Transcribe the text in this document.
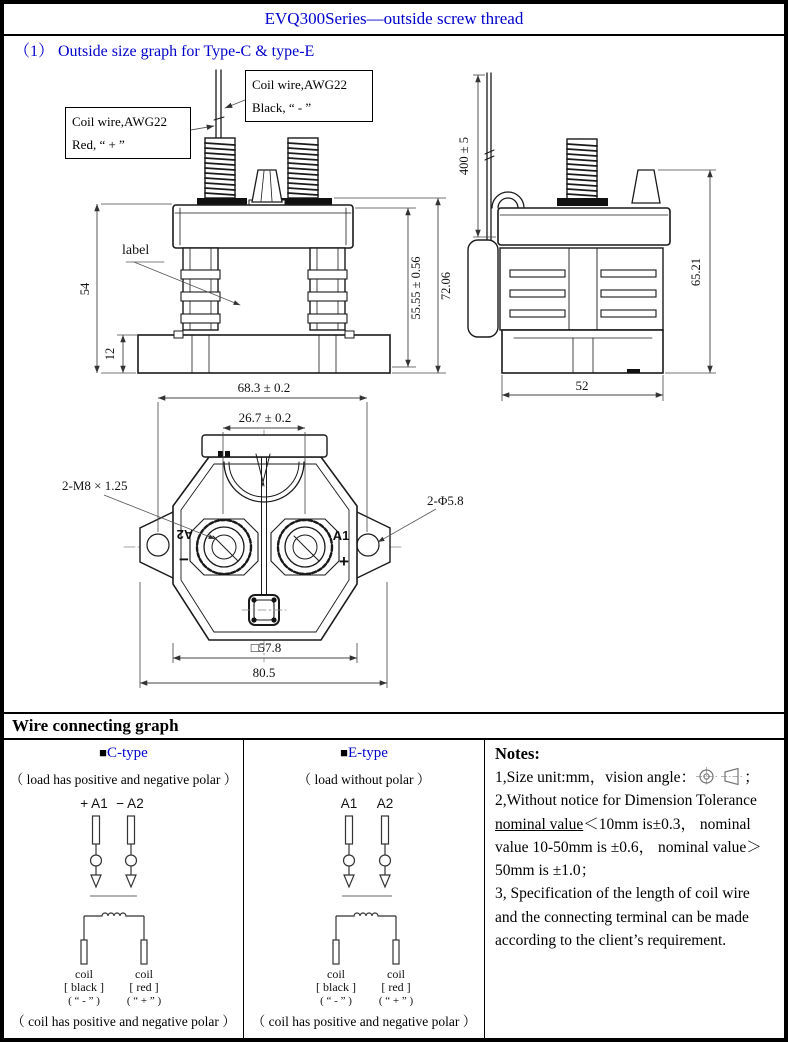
EVQ300Series—outside screw thread
（1） Outside size graph for Type-C & type-E
label
54
12
55.55 ± 0.56 72.06
400 ± 5
65.21
52
A2	A1
−	+
68.3 ± 0.2
26.7 ± 0.2
2-M8 × 1.25
2-Φ5.8
□57.8
80.5
Coil wire,AWG22
Red, “ + ”
Coil wire,AWG22
Black, “ - ”
Wire connecting graph
■C-type
（ load has positive and negative polar ）
+ A1 − A2
coil
[ black ]
( “ - ” )
coil
[ red ]
( “ + ” )
（ coil has positive and negative polar ）
■E-type
（ load without polar ）
A1 A2
coil
[ black ]
( “ - ” )
coil
[ red ]
( “ + ” )
（ coil has positive and negative polar ）
Notes:
1,Size unit:mm，vision angle：	；
2,Without notice for Dimension Tolerance nominal value＜10mm is±0.3， nominal value 10-50mm is ±0.6， nominal value＞50mm is ±1.0；
3, Specification of the length of coil wire and the connecting terminal can be made according to the client’s requirement.
